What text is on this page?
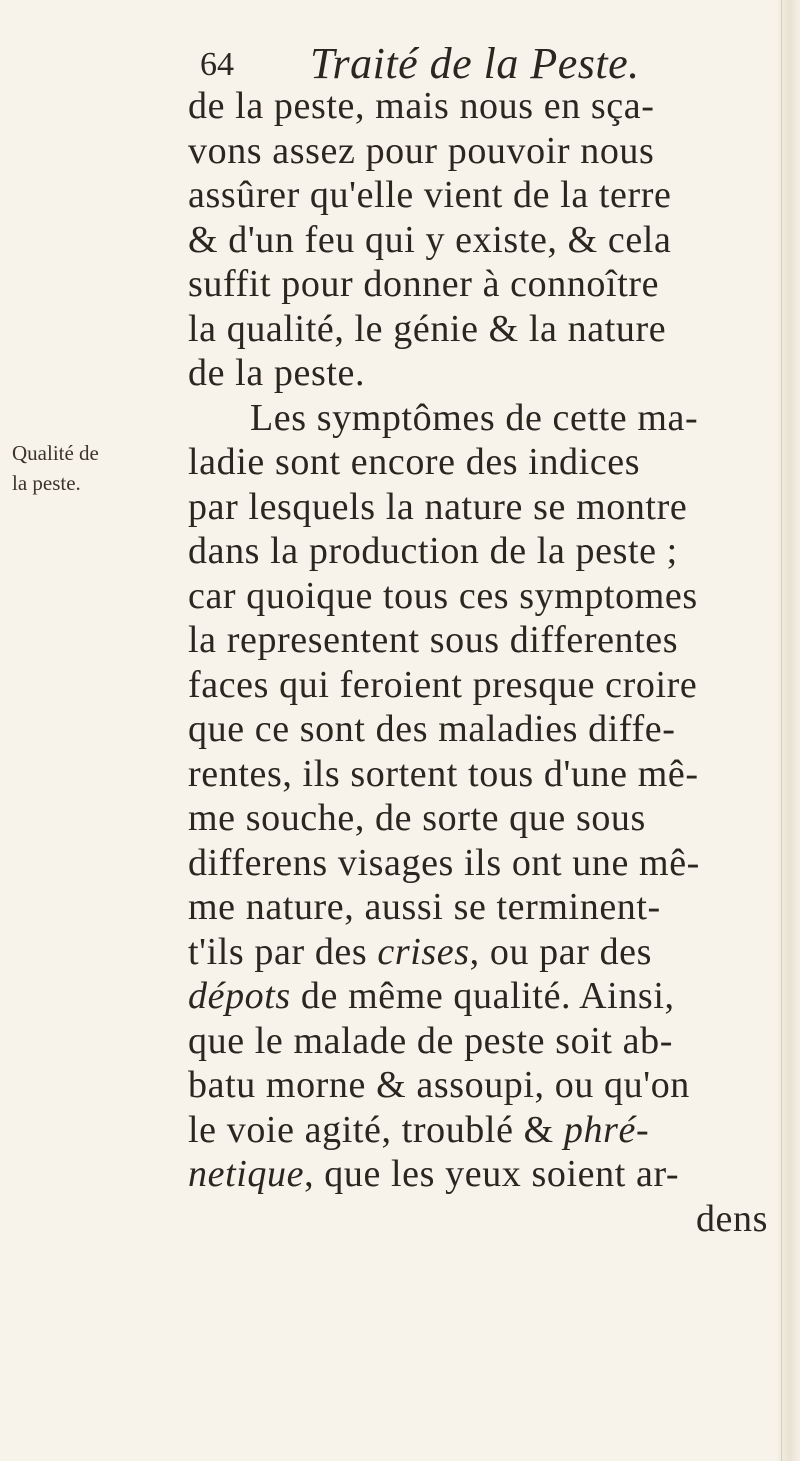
64 Traité de la Peste.
Qualité de
la peste.
de la peste, mais nous en sça-
vons assez pour pouvoir nous
assûrer qu'elle vient de la terre
& d'un feu qui y existe, & cela
suffit pour donner à connoître
la qualité, le génie & la nature
de la peste.
Les symptômes de cette ma-
ladie sont encore des indices
par lesquels la nature se montre
dans la production de la peste ;
car quoique tous ces symptomes
la representent sous differentes
faces qui feroient presque croire
que ce sont des maladies diffe-
rentes, ils sortent tous d'une mê-
me souche, de sorte que sous
differens visages ils ont une mê-
me nature, aussi se terminent-
t'ils par des crises, ou par des
dépots de même qualité. Ainsi,
que le malade de peste soit ab-
batu morne & assoupi, ou qu'on
le voie agité, troublé & phré-
netique, que les yeux soient ar-
dens
